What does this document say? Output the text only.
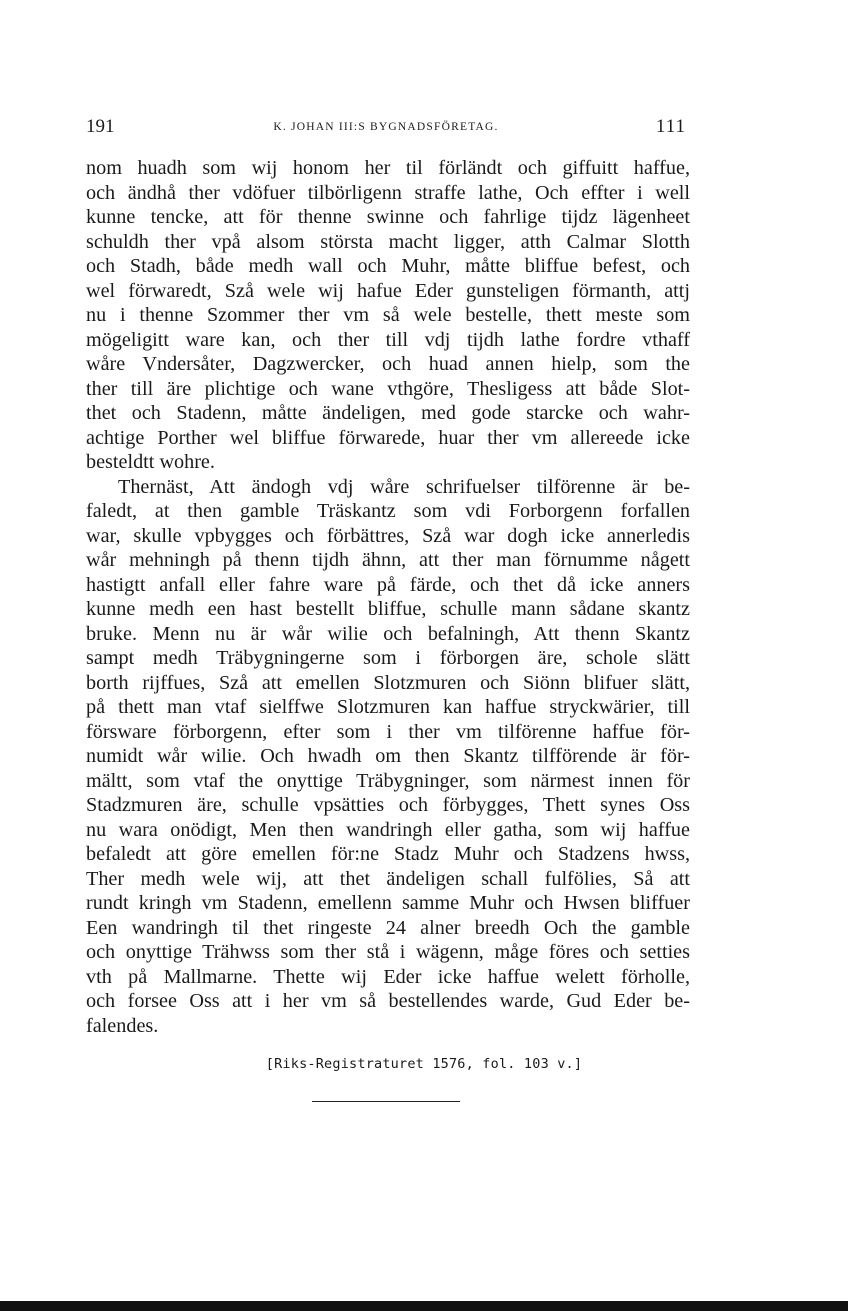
191	K. JOHAN III:S BYGNADSFÖRETAG.	111
nom huadh som wij honom her til förländt och giffuitt haffue,
och ändhå ther vdöfuer tilbörligenn straffe lathe, Och effter i well
kunne tencke, att för thenne swinne och fahrlige tijdz lägenheet
schuldh ther vpå alsom största macht ligger, atth Calmar Slotth
och Stadh, både medh wall och Muhr, måtte bliffue befest, och
wel förwaredt, Szå wele wij hafue Eder gunsteligen förmanth, attj
nu i thenne Szommer ther vm så wele bestelle, thett meste som
mögeligitt ware kan, och ther till vdj tijdh lathe fordre vthaff
wåre Vndersåter, Dagzwercker, och huad annen hielp, som the
ther till äre plichtige och wane vthgöre, Thesligess att både Slot-
thet och Stadenn, måtte ändeligen, med gode starcke och wahr-
achtige Porther wel bliffue förwarede, huar ther vm allereede icke
besteldtt wohre.
Thernäst, Att ändogh vdj wåre schrifuelser tilförenne är be-
faledt, at then gamble Träskantz som vdi Forborgenn forfallen
war, skulle vpbygges och förbättres, Szå war dogh icke annerledis
wår mehningh på thenn tijdh ähnn, att ther man förnumme någett
hastigtt anfall eller fahre ware på färde, och thet då icke anners
kunne medh een hast bestellt bliffue, schulle mann sådane skantz
bruke. Menn nu är wår wilie och befalningh, Att thenn Skantz
sampt medh Träbygningerne som i förborgen äre, schole slätt
borth rijffues, Szå att emellen Slotzmuren och Siönn blifuer slätt,
på thett man vtaf sielffwe Slotzmuren kan haffue stryckwärier, till
försware förborgenn, efter som i ther vm tilförenne haffue för-
numidt wår wilie. Och hwadh om then Skantz tilfförende är för-
mältt, som vtaf the onyttige Träbygninger, som närmest innen för
Stadzmuren äre, schulle vpsätties och förbygges, Thett synes Oss
nu wara onödigt, Men then wandringh eller gatha, som wij haffue
befaledt att göre emellen för:ne Stadz Muhr och Stadzens hwss,
Ther medh wele wij, att thet ändeligen schall fulfölies, Så att
rundt kringh vm Stadenn, emellenn samme Muhr och Hwsen bliffuer
Een wandringh til thet ringeste 24 alner breedh Och the gamble
och onyttige Trähwss som ther stå i wägenn, måge föres och setties
vth på Mallmarne. Thette wij Eder icke haffue welett förholle,
och forsee Oss att i her vm så bestellendes warde, Gud Eder be-
falendes.
[Riks-Registraturet 1576, fol. 103 v.]
